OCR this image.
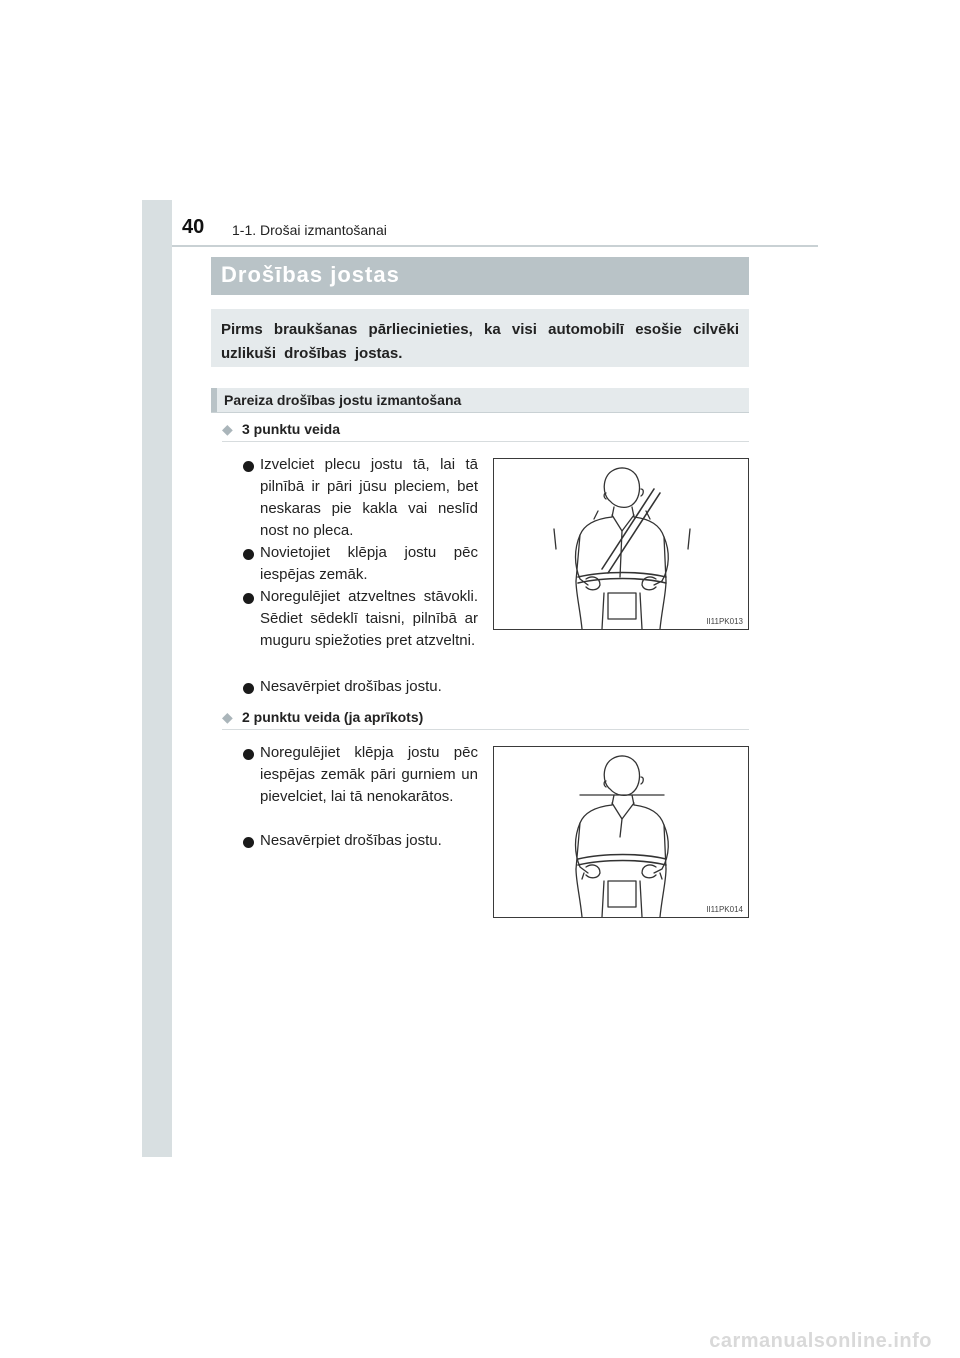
40 1-1. Drošai izmantošanai
Drošības jostas

Pirms braukšanas pārliecinieties, ka visi automobilī esošie cilvēki uzlikuši drošības jostas.

Pareiza drošības jostu izmantošana
◆ 3 punktu veida

Izvelciet plecu jostu tā, lai tā pilnībā ir pāri jūsu pleciem, bet neskaras pie kakla vai neslīd nost no pleca.

Novietojiet klēpja jostu pēc iespējas zemāk.

Noregulējiet atzveltnes stāvokli. Sēdiet sēdeklī taisni, pilnībā ar muguru spiežoties pret atzveltni.

Nesavērpiet drošības jostu.

II11PK013
◆ 2 punktu veida (ja aprīkots)

Noregulējiet klēpja jostu pēc iespējas zemāk pāri gurniem un pievelciet, lai tā nenokarātos.

Nesavērpiet drošības jostu.

II11PK014
carmanualsonline.info
